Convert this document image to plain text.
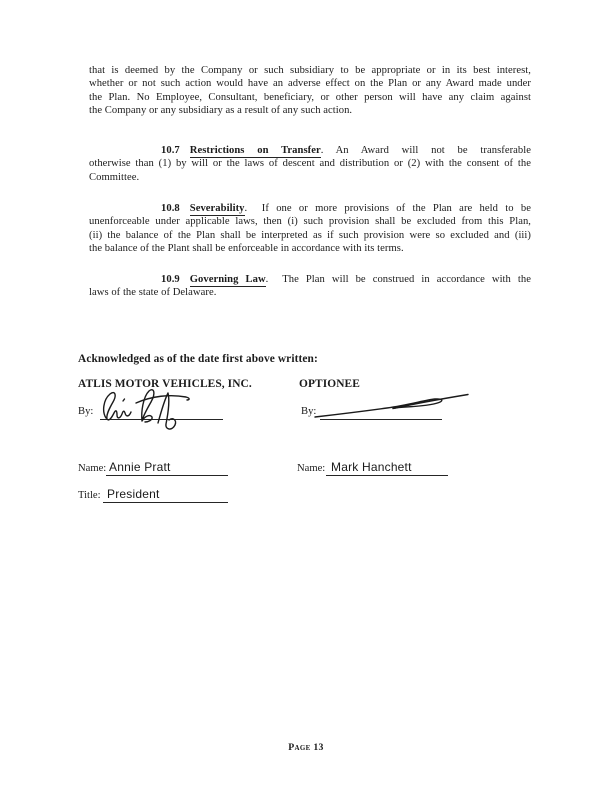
that is deemed by the Company or such subsidiary to be appropriate or in its best interest,
whether or not such action would have an adverse effect on the Plan or any Award made under
the Plan. No Employee, Consultant, beneficiary, or other person will have any claim against
the Company or any subsidiary as a result of any such action.
10.7 Restrictions on Transfer. An Award will not be transferable
otherwise than (1) by will or the laws of descent and distribution or (2) with the consent of the
Committee.
10.8 Severability.  If one or more provisions of the Plan are held to be
unenforceable under applicable laws, then (i) such provision shall be excluded from this Plan,
(ii) the balance of the Plan shall be interpreted as if such provision were so excluded and (iii)
the balance of the Plant shall be enforceable in accordance with its terms.
10.9 Governing Law.  The Plan will be construed in accordance with the
laws of the state of Delaware.
Acknowledged as of the date first above written:
ATLIS MOTOR VEHICLES, INC.	OPTIONEE
By:	By:
Name: Annie Pratt	Name: Mark Hanchett
Title: President
Page 13
